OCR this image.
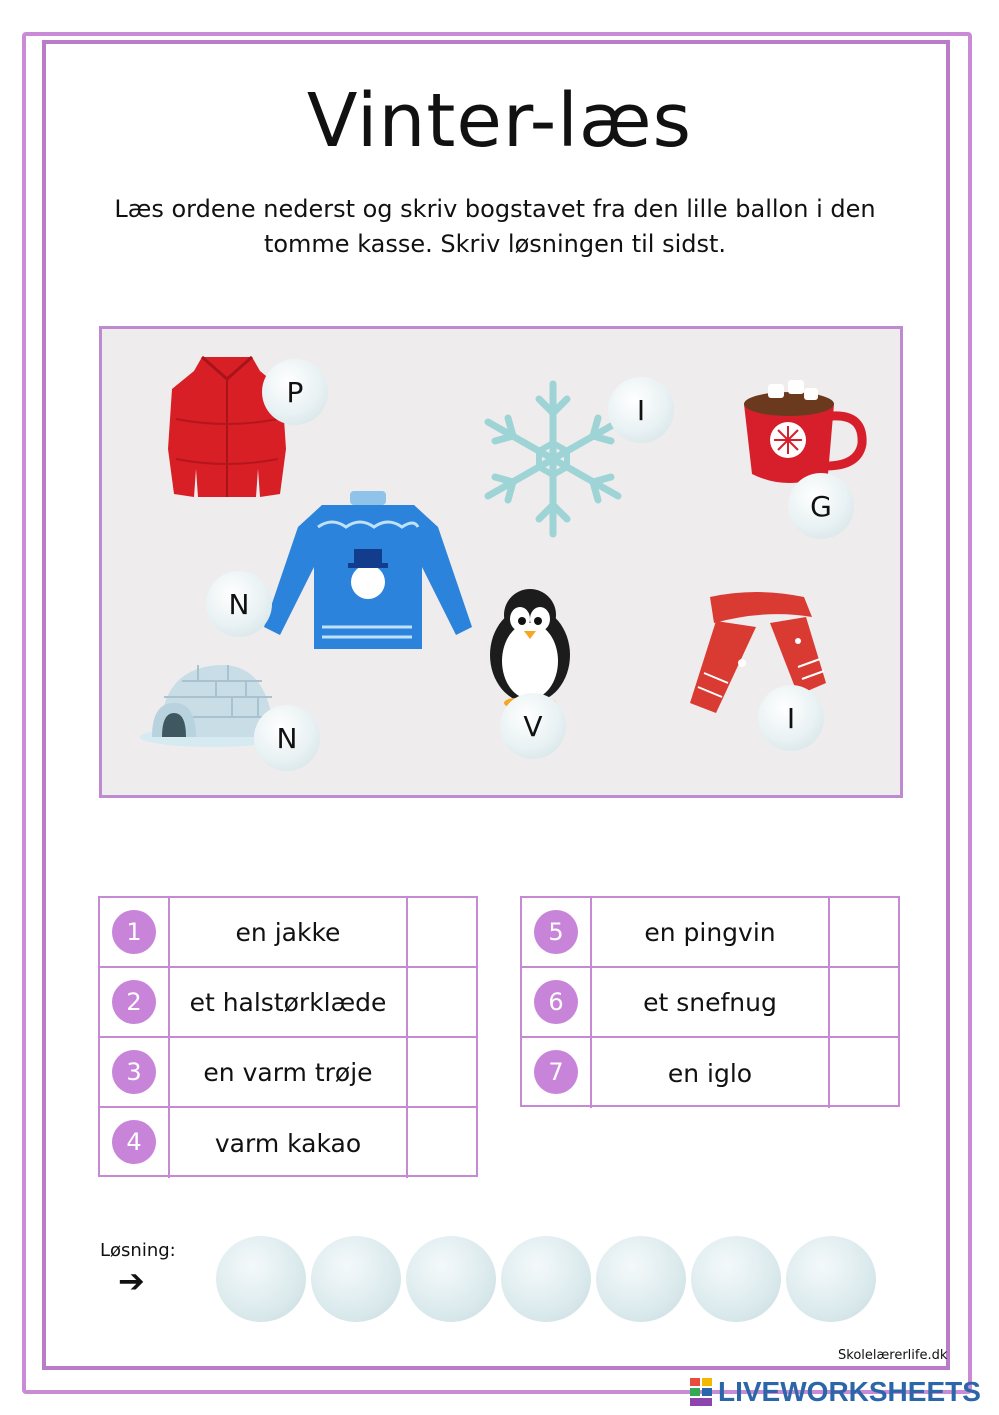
Vinter-læs
Læs ordene nederst og skriv bogstavet fra den lille ballon i den tomme kasse. Skriv løsningen til sidst.
P
I
G
N
V	I
N
1	en jakke
2	et halstørklæde
3	en varm trøje
4	varm kakao
5	en pingvin
6	et snefnug
7	en iglo
Løsning:
➔
Skolelærerlife.dk
LIVEWORKSHEETS
